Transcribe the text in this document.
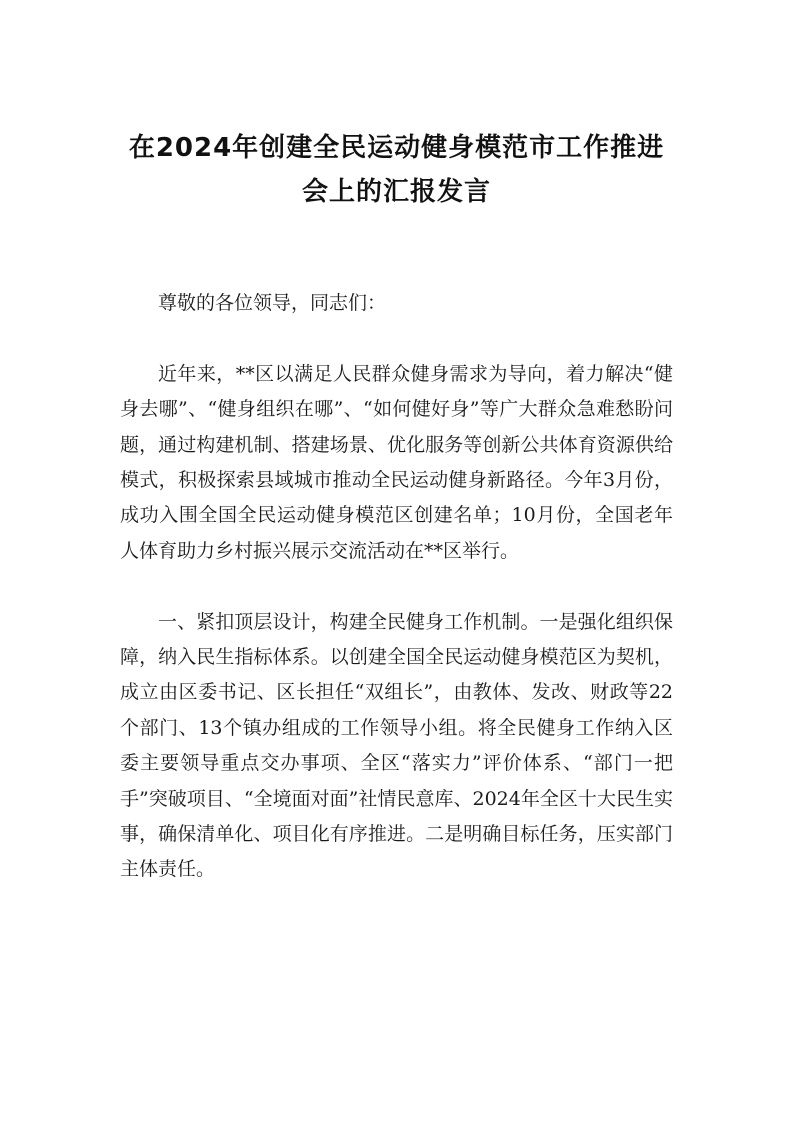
在2024年创建全民运动健身模范市工作推进会上的汇报发言

尊敬的各位领导，同志们：

近年来，**区以满足人民群众健身需求为导向，着力解决“健身去哪”、“健身组织在哪”、“如何健好身”等广大群众急难愁盼问题，通过构建机制、搭建场景、优化服务等创新公共体育资源供给模式，积极探索县域城市推动全民运动健身新路径。今年3月份，成功入围全国全民运动健身模范区创建名单；10月份，全国老年人体育助力乡村振兴展示交流活动在**区举行。

一、紧扣顶层设计，构建全民健身工作机制。一是强化组织保障，纳入民生指标体系。以创建全国全民运动健身模范区为契机，成立由区委书记、区长担任“双组长”，由教体、发改、财政等22个部门、13个镇办组成的工作领导小组。将全民健身工作纳入区委主要领导重点交办事项、全区“落实力”评价体系、“部门一把手”突破项目、“全境面对面”社情民意库、2024年全区十大民生实事，确保清单化、项目化有序推进。二是明确目标任务，压实部门主体责任。
